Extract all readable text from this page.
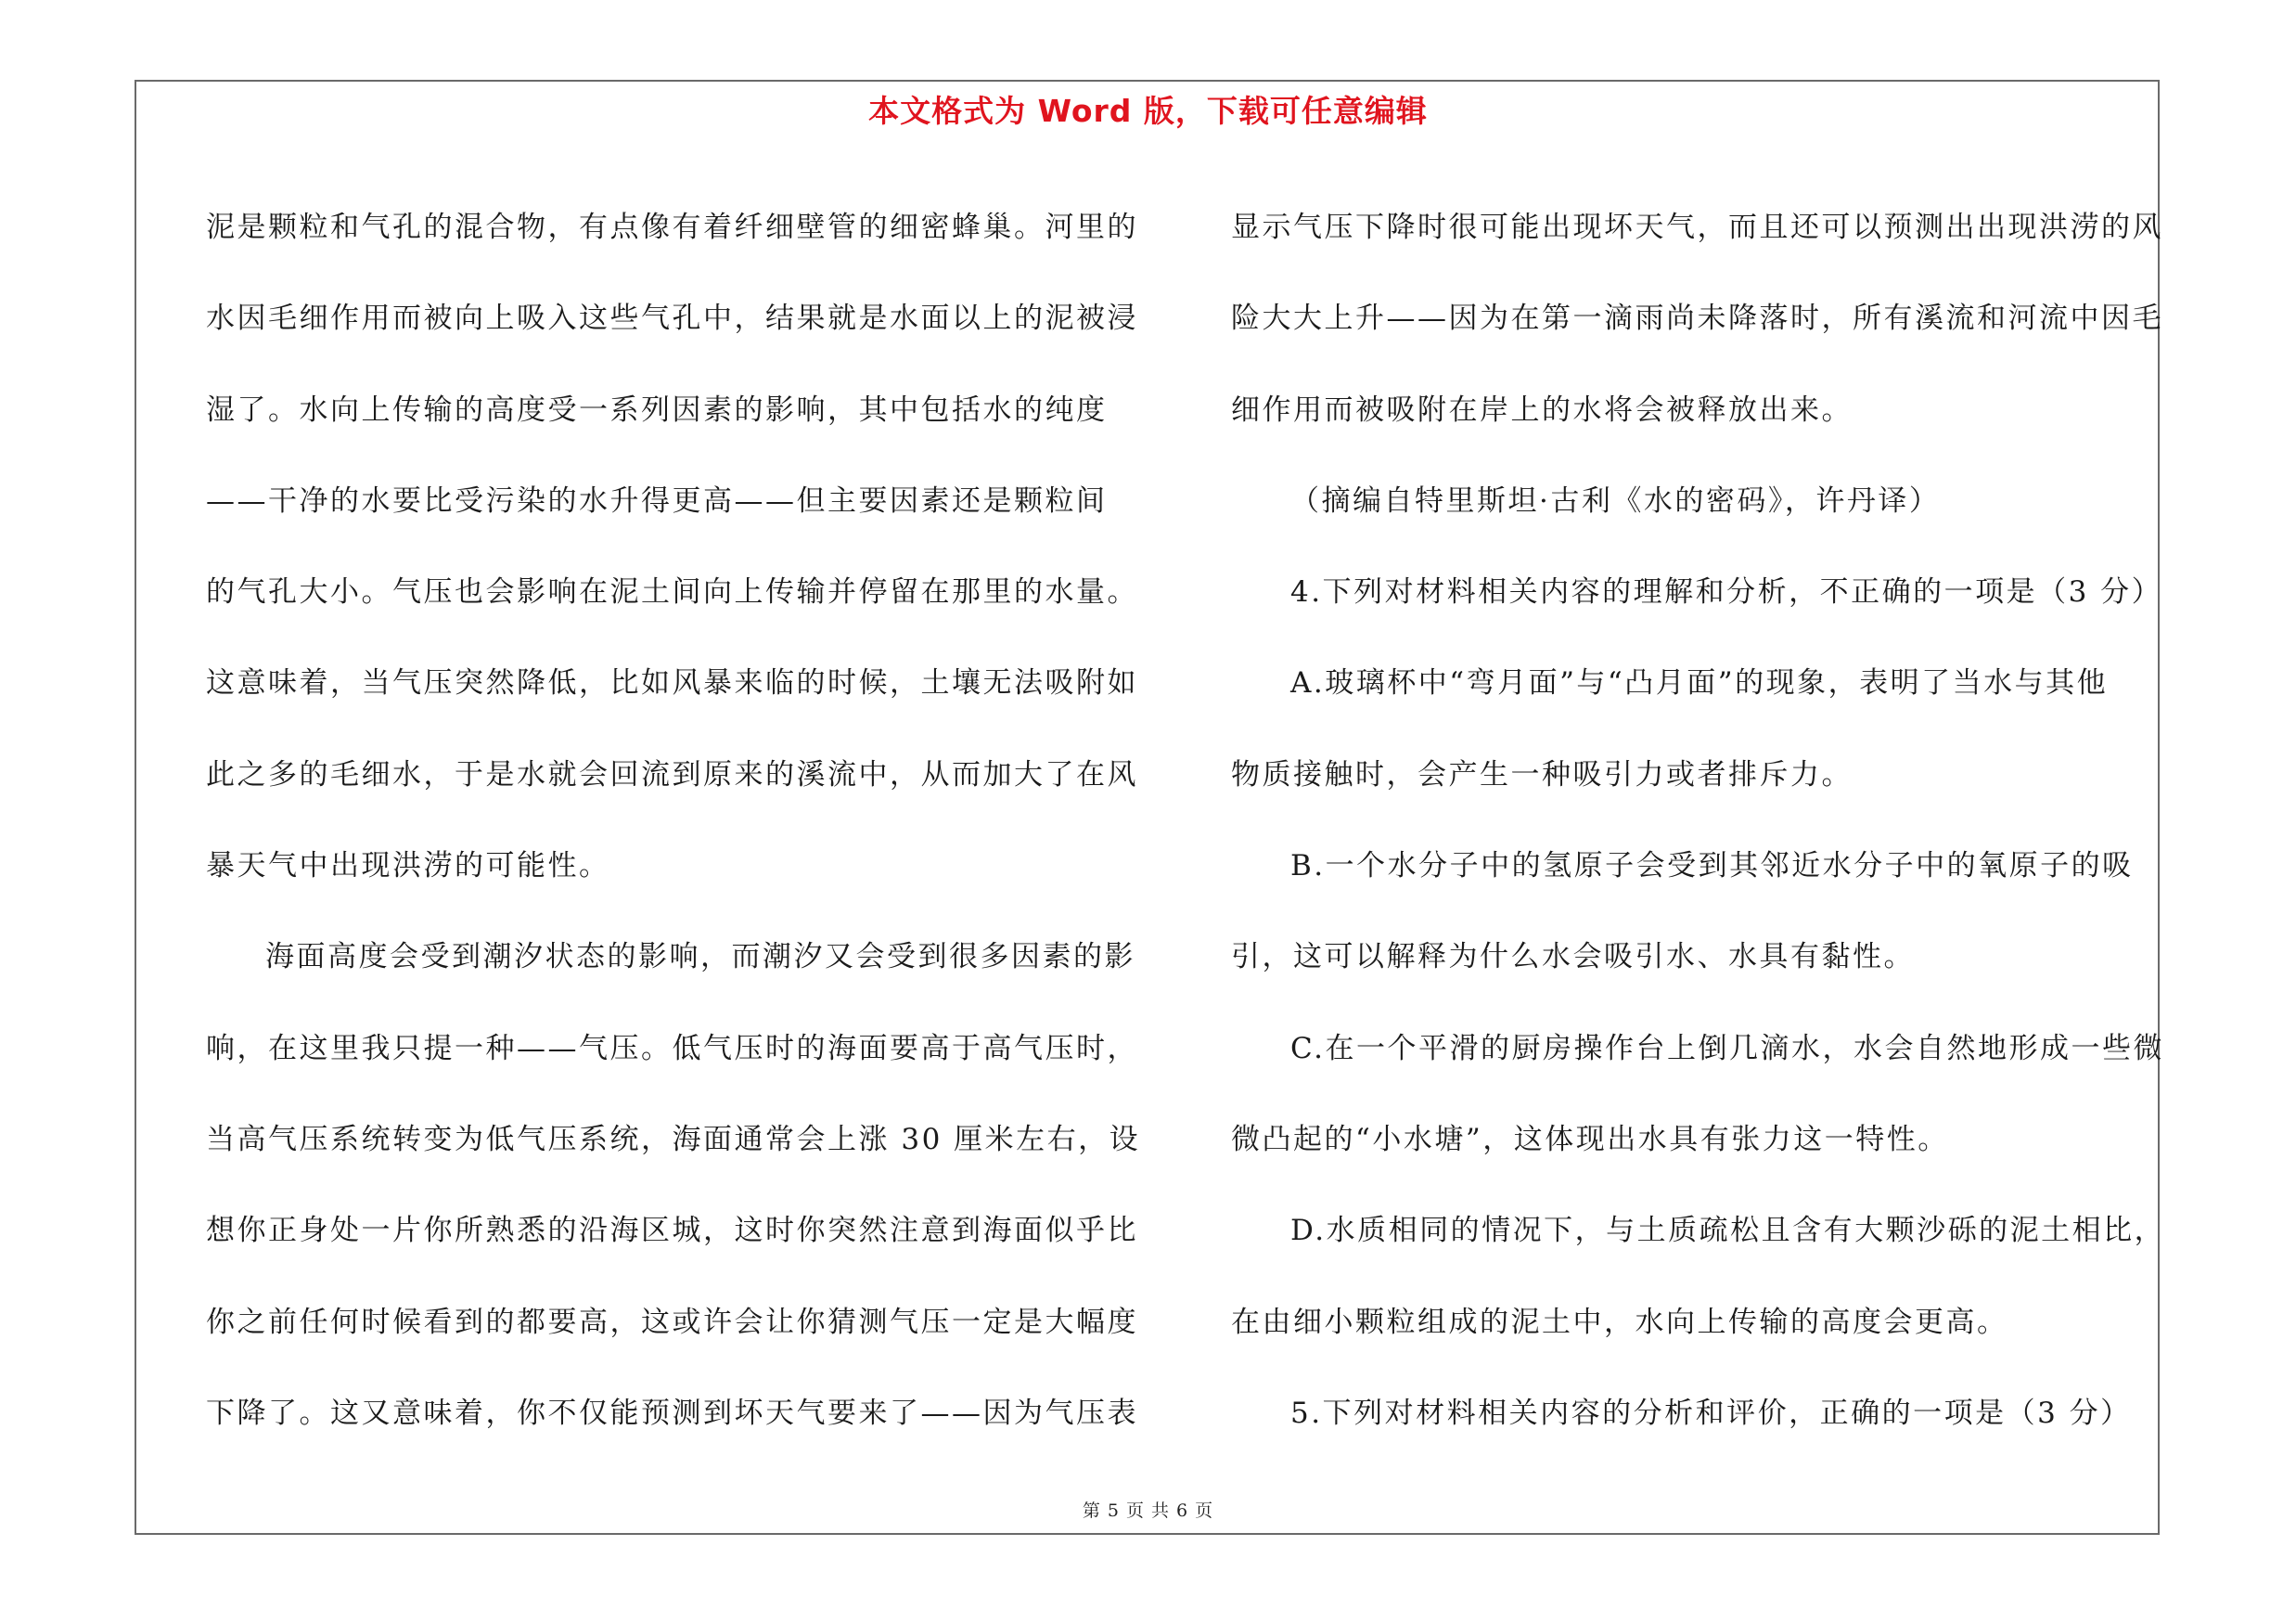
本文格式为 Word 版，下载可任意编辑
泥是颗粒和气孔的混合物，有点像有着纤细壁管的细密蜂巢。河里的
水因毛细作用而被向上吸入这些气孔中，结果就是水面以上的泥被浸
湿了。水向上传输的高度受一系列因素的影响，其中包括水的纯度
——干净的水要比受污染的水升得更高——但主要因素还是颗粒间
的气孔大小。气压也会影响在泥土间向上传输并停留在那里的水量。
这意味着，当气压突然降低，比如风暴来临的时候，土壤无法吸附如
此之多的毛细水，于是水就会回流到原来的溪流中，从而加大了在风
暴天气中出现洪涝的可能性。
海面高度会受到潮汐状态的影响，而潮汐又会受到很多因素的影
响，在这里我只提一种——气压。低气压时的海面要高于高气压时，
当高气压系统转变为低气压系统，海面通常会上涨 30 厘米左右，设
想你正身处一片你所熟悉的沿海区城，这时你突然注意到海面似乎比
你之前任何时候看到的都要高，这或许会让你猜测气压一定是大幅度
下降了。这又意味着，你不仅能预测到坏天气要来了——因为气压表
显示气压下降时很可能出现坏天气，而且还可以预测出出现洪涝的风
险大大上升——因为在第一滴雨尚未降落时，所有溪流和河流中因毛
细作用而被吸附在岸上的水将会被释放出来。
（摘编自特里斯坦·古利《水的密码》，许丹译）
4.下列对材料相关内容的理解和分析，不正确的一项是（3 分）
A.玻璃杯中“弯月面”与“凸月面”的现象，表明了当水与其他
物质接触时，会产生一种吸引力或者排斥力。
B.一个水分子中的氢原子会受到其邻近水分子中的氧原子的吸
引，这可以解释为什么水会吸引水、水具有黏性。
C.在一个平滑的厨房操作台上倒几滴水，水会自然地形成一些微
微凸起的“小水塘”，这体现出水具有张力这一特性。
D.水质相同的情况下，与土质疏松且含有大颗沙砾的泥土相比，
在由细小颗粒组成的泥土中，水向上传输的高度会更高。
5.下列对材料相关内容的分析和评价，正确的一项是（3 分）
第 5 页 共 6 页
